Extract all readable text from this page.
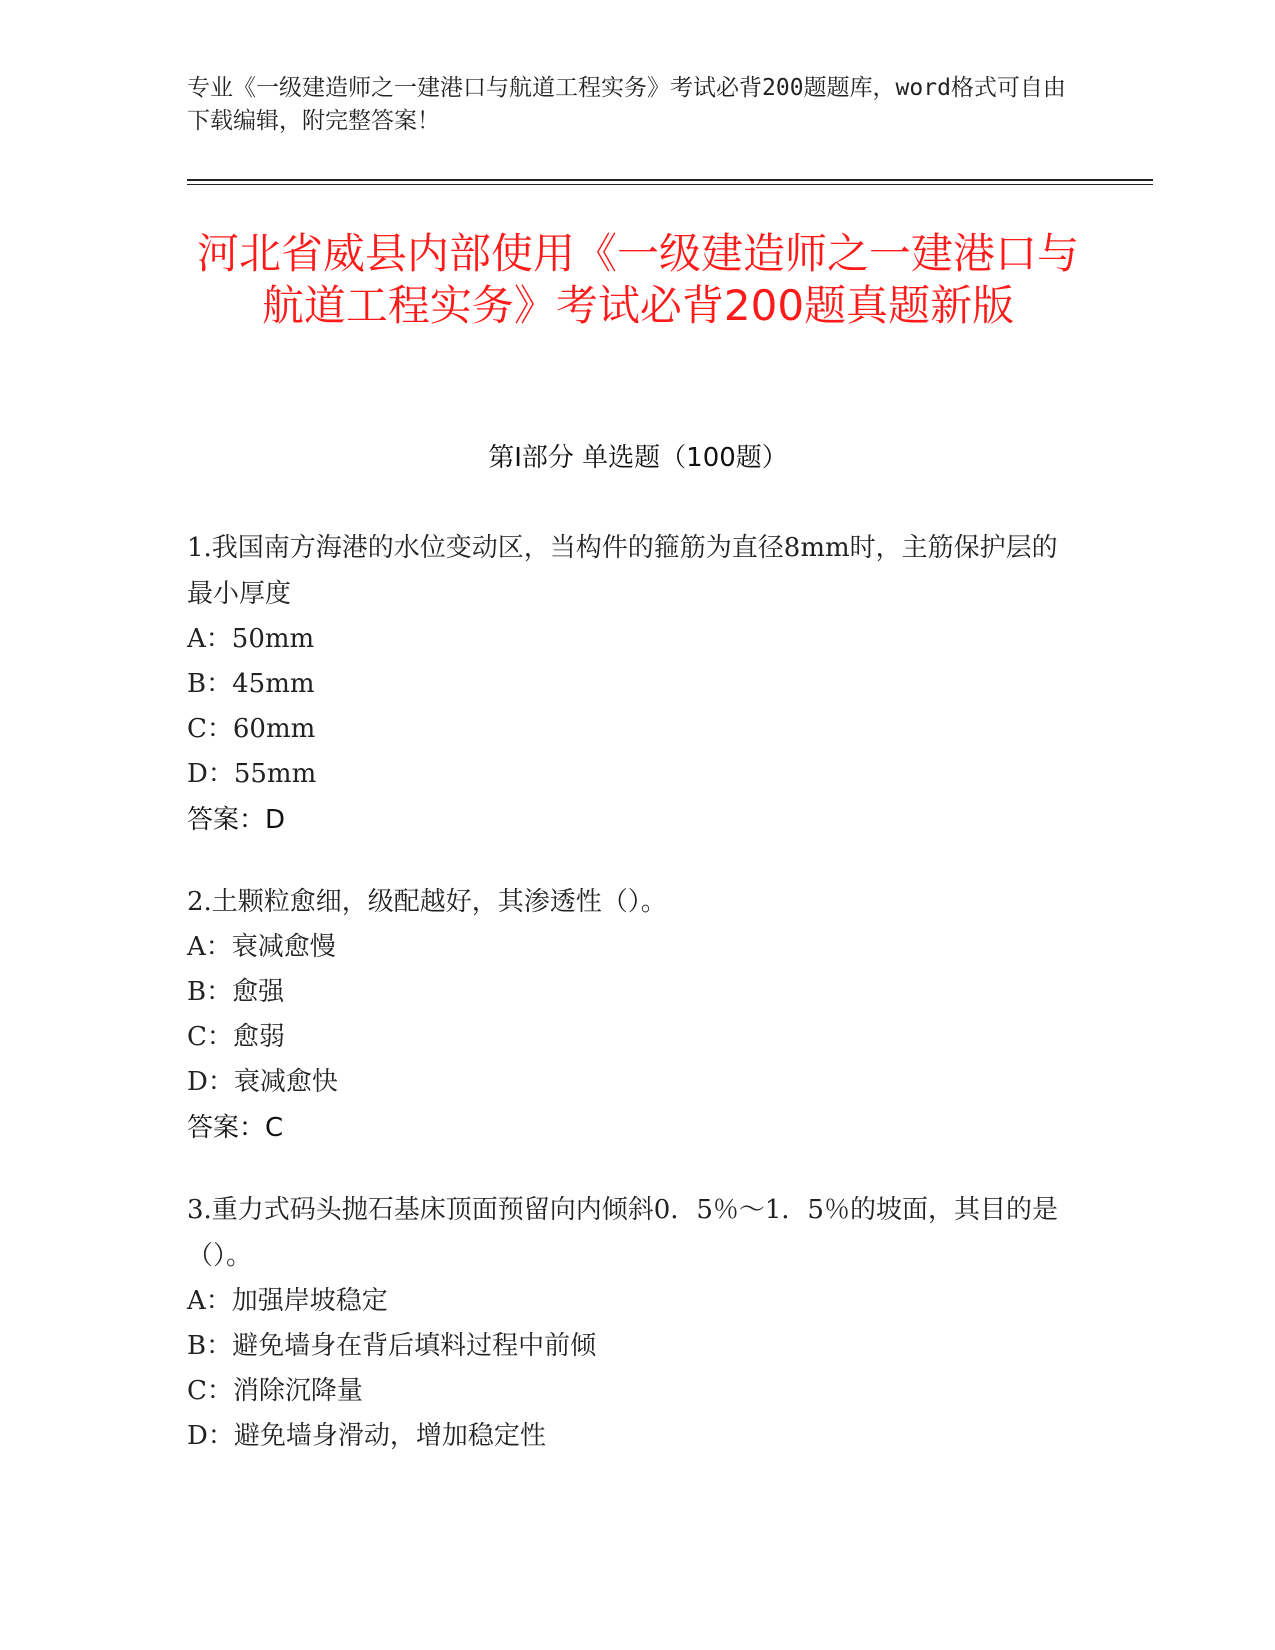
专业《一级建造师之一建港口与航道工程实务》考试必背200题题库，word格式可自由下载编辑，附完整答案！
河北省威县内部使用《一级建造师之一建港口与航道工程实务》考试必背200题真题新版
第Ⅰ部分 单选题（100题）

1.我国南方海港的水位变动区，当构件的箍筋为直径8mm时，主筋保护层的最小厚度

A：50mm

B：45mm

C：60mm

D：55mm

答案：D

2.土颗粒愈细，级配越好，其渗透性（）。

A：衰减愈慢

B：愈强

C：愈弱

D：衰减愈快

答案：C

3.重力式码头抛石基床顶面预留向内倾斜0．5％～1．5％的坡面，其目的是（）。

A：加强岸坡稳定

B：避免墙身在背后填料过程中前倾

C：消除沉降量

D：避免墙身滑动，增加稳定性
